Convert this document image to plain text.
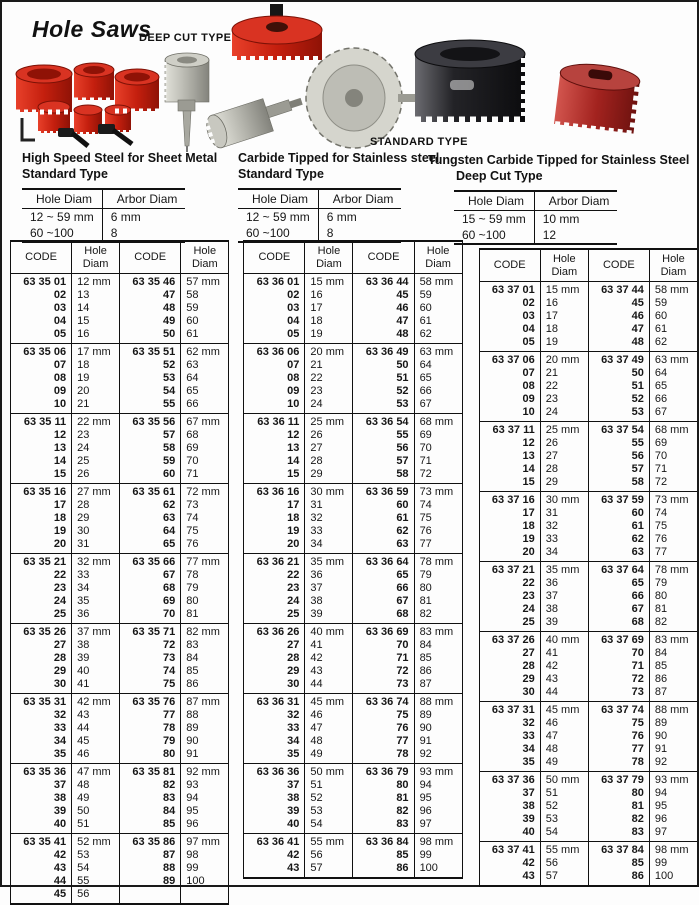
Hole Saws
DEEP CUT TYPE
STANDARD TYPE
High Speed Steel for Sheet Metal
Standard Type
Hole Diam	Arbor Diam
12 ~ 59 mm	6 mm
60 ~100	8
Carbide Tipped for Stainless steel
Standard Type
Hole Diam	Arbor Diam
12 ~ 59 mm	6 mm
60 ~100	8
Tungsten Carbide Tipped for Stainless Steel
Deep Cut Type
Hole Diam	Arbor Diam
15 ~ 59 mm	10 mm
60 ~100	12
CODE	Hole Diam	CODE	Hole Diam
63 35 01	12 mm	63 35 46	57 mm
02	13	47	58
03	14	48	59
04	15	49	60
05	16	50	61
63 35 06	17 mm	63 35 51	62 mm
07	18	52	63
08	19	53	64
09	20	54	65
10	21	55	66
63 35 11	22 mm	63 35 56	67 mm
12	23	57	68
13	24	58	69
14	25	59	70
15	26	60	71
63 35 16	27 mm	63 35 61	72 mm
17	28	62	73
18	29	63	74
19	30	64	75
20	31	65	76
63 35 21	32 mm	63 35 66	77 mm
22	33	67	78
23	34	68	79
24	35	69	80
25	36	70	81
63 35 26	37 mm	63 35 71	82 mm
27	38	72	83
28	39	73	84
29	40	74	85
30	41	75	86
63 35 31	42 mm	63 35 76	87 mm
32	43	77	88
33	44	78	89
34	45	79	90
35	46	80	91
63 35 36	47 mm	63 35 81	92 mm
37	48	82	93
38	49	83	94
39	50	84	95
40	51	85	96
63 35 41	52 mm	63 35 86	97 mm
42	53	87	98
43	54	88	99
44	55	89	100
45	56		
CODE	Hole Diam	CODE	Hole Diam
63 36 01	15 mm	63 36 44	58 mm
02	16	45	59
03	17	46	60
04	18	47	61
05	19	48	62
63 36 06	20 mm	63 36 49	63 mm
07	21	50	64
08	22	51	65
09	23	52	66
10	24	53	67
63 36 11	25 mm	63 36 54	68 mm
12	26	55	69
13	27	56	70
14	28	57	71
15	29	58	72
63 36 16	30 mm	63 36 59	73 mm
17	31	60	74
18	32	61	75
19	33	62	76
20	34	63	77
63 36 21	35 mm	63 36 64	78 mm
22	36	65	79
23	37	66	80
24	38	67	81
25	39	68	82
63 36 26	40 mm	63 36 69	83 mm
27	41	70	84
28	42	71	85
29	43	72	86
30	44	73	87
63 36 31	45 mm	63 36 74	88 mm
32	46	75	89
33	47	76	90
34	48	77	91
35	49	78	92
63 36 36	50 mm	63 36 79	93 mm
37	51	80	94
38	52	81	95
39	53	82	96
40	54	83	97
63 36 41	55 mm	63 36 84	98 mm
42	56	85	99
43	57	86	100
CODE	Hole Diam	CODE	Hole Diam
63 37 01	15 mm	63 37 44	58 mm
02	16	45	59
03	17	46	60
04	18	47	61
05	19	48	62
63 37 06	20 mm	63 37 49	63 mm
07	21	50	64
08	22	51	65
09	23	52	66
10	24	53	67
63 37 11	25 mm	63 37 54	68 mm
12	26	55	69
13	27	56	70
14	28	57	71
15	29	58	72
63 37 16	30 mm	63 37 59	73 mm
17	31	60	74
18	32	61	75
19	33	62	76
20	34	63	77
63 37 21	35 mm	63 37 64	78 mm
22	36	65	79
23	37	66	80
24	38	67	81
25	39	68	82
63 37 26	40 mm	63 37 69	83 mm
27	41	70	84
28	42	71	85
29	43	72	86
30	44	73	87
63 37 31	45 mm	63 37 74	88 mm
32	46	75	89
33	47	76	90
34	48	77	91
35	49	78	92
63 37 36	50 mm	63 37 79	93 mm
37	51	80	94
38	52	81	95
39	53	82	96
40	54	83	97
63 37 41	55 mm	63 37 84	98 mm
42	56	85	99
43	57	86	100
